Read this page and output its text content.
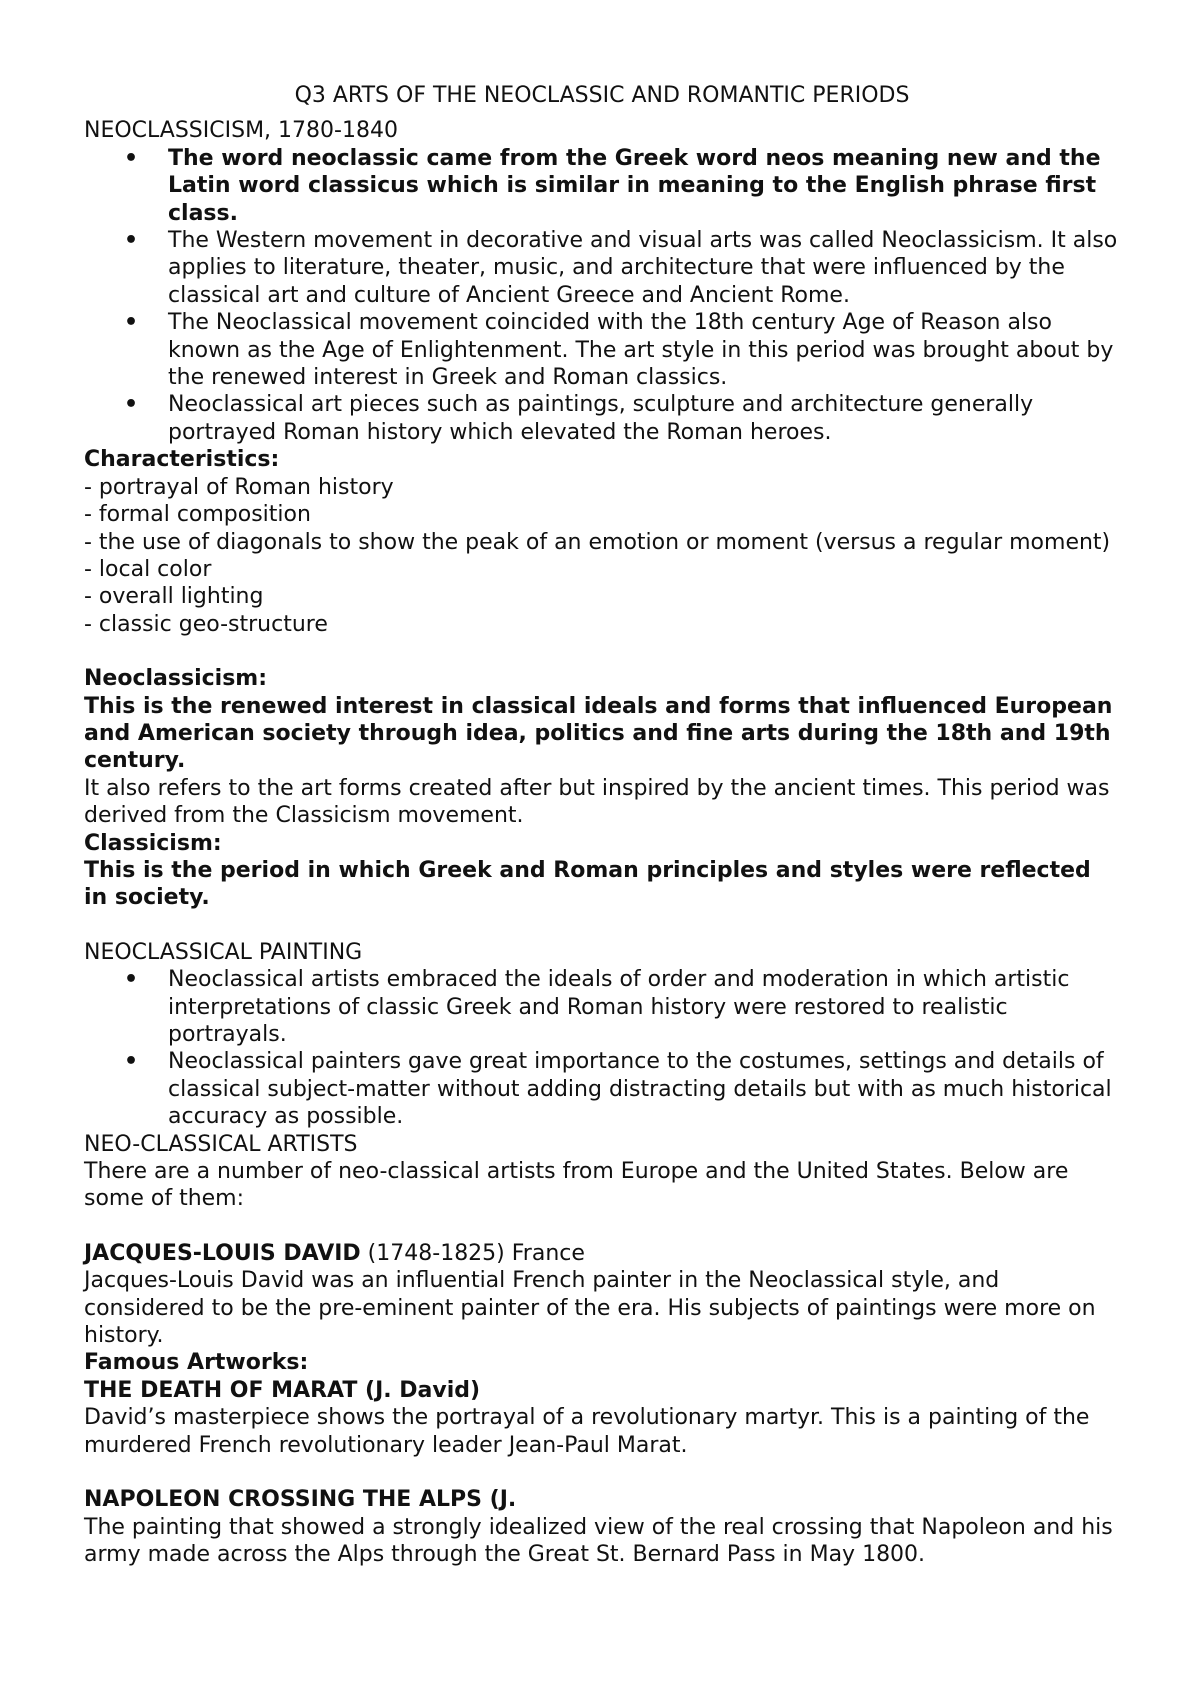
Q3 ARTS OF THE NEOCLASSIC AND ROMANTIC PERIODS
NEOCLASSICISM, 1780-1840
• The word neoclassic came from the Greek word neos meaning new and the Latin word classicus which is similar in meaning to the English phrase first class.
• The Western movement in decorative and visual arts was called Neoclassicism. It also applies to literature, theater, music, and architecture that were influenced by the classical art and culture of Ancient Greece and Ancient Rome.
• The Neoclassical movement coincided with the 18th century Age of Reason also known as the Age of Enlightenment. The art style in this period was brought about by the renewed interest in Greek and Roman classics.
• Neoclassical art pieces such as paintings, sculpture and architecture generally portrayed Roman history which elevated the Roman heroes.
Characteristics:
- portrayal of Roman history
- formal composition
- the use of diagonals to show the peak of an emotion or moment (versus a regular moment)
- local color
- overall lighting
- classic geo-structure
Neoclassicism:
This is the renewed interest in classical ideals and forms that influenced European and American society through idea, politics and fine arts during the 18th and 19th century.
It also refers to the art forms created after but inspired by the ancient times. This period was derived from the Classicism movement.
Classicism:
This is the period in which Greek and Roman principles and styles were reflected in society.
NEOCLASSICAL PAINTING
• Neoclassical artists embraced the ideals of order and moderation in which artistic interpretations of classic Greek and Roman history were restored to realistic portrayals.
• Neoclassical painters gave great importance to the costumes, settings and details of classical subject-matter without adding distracting details but with as much historical accuracy as possible.
NEO-CLASSICAL ARTISTS
There are a number of neo-classical artists from Europe and the United States. Below are some of them:
JACQUES-LOUIS DAVID (1748-1825) France
Jacques-Louis David was an influential French painter in the Neoclassical style, and considered to be the pre-eminent painter of the era. His subjects of paintings were more on history.
Famous Artworks:
THE DEATH OF MARAT (J. David)
David’s masterpiece shows the portrayal of a revolutionary martyr. This is a painting of the murdered French revolutionary leader Jean-Paul Marat.
NAPOLEON CROSSING THE ALPS (J.
The painting that showed a strongly idealized view of the real crossing that Napoleon and his army made across the Alps through the Great St. Bernard Pass in May 1800.
